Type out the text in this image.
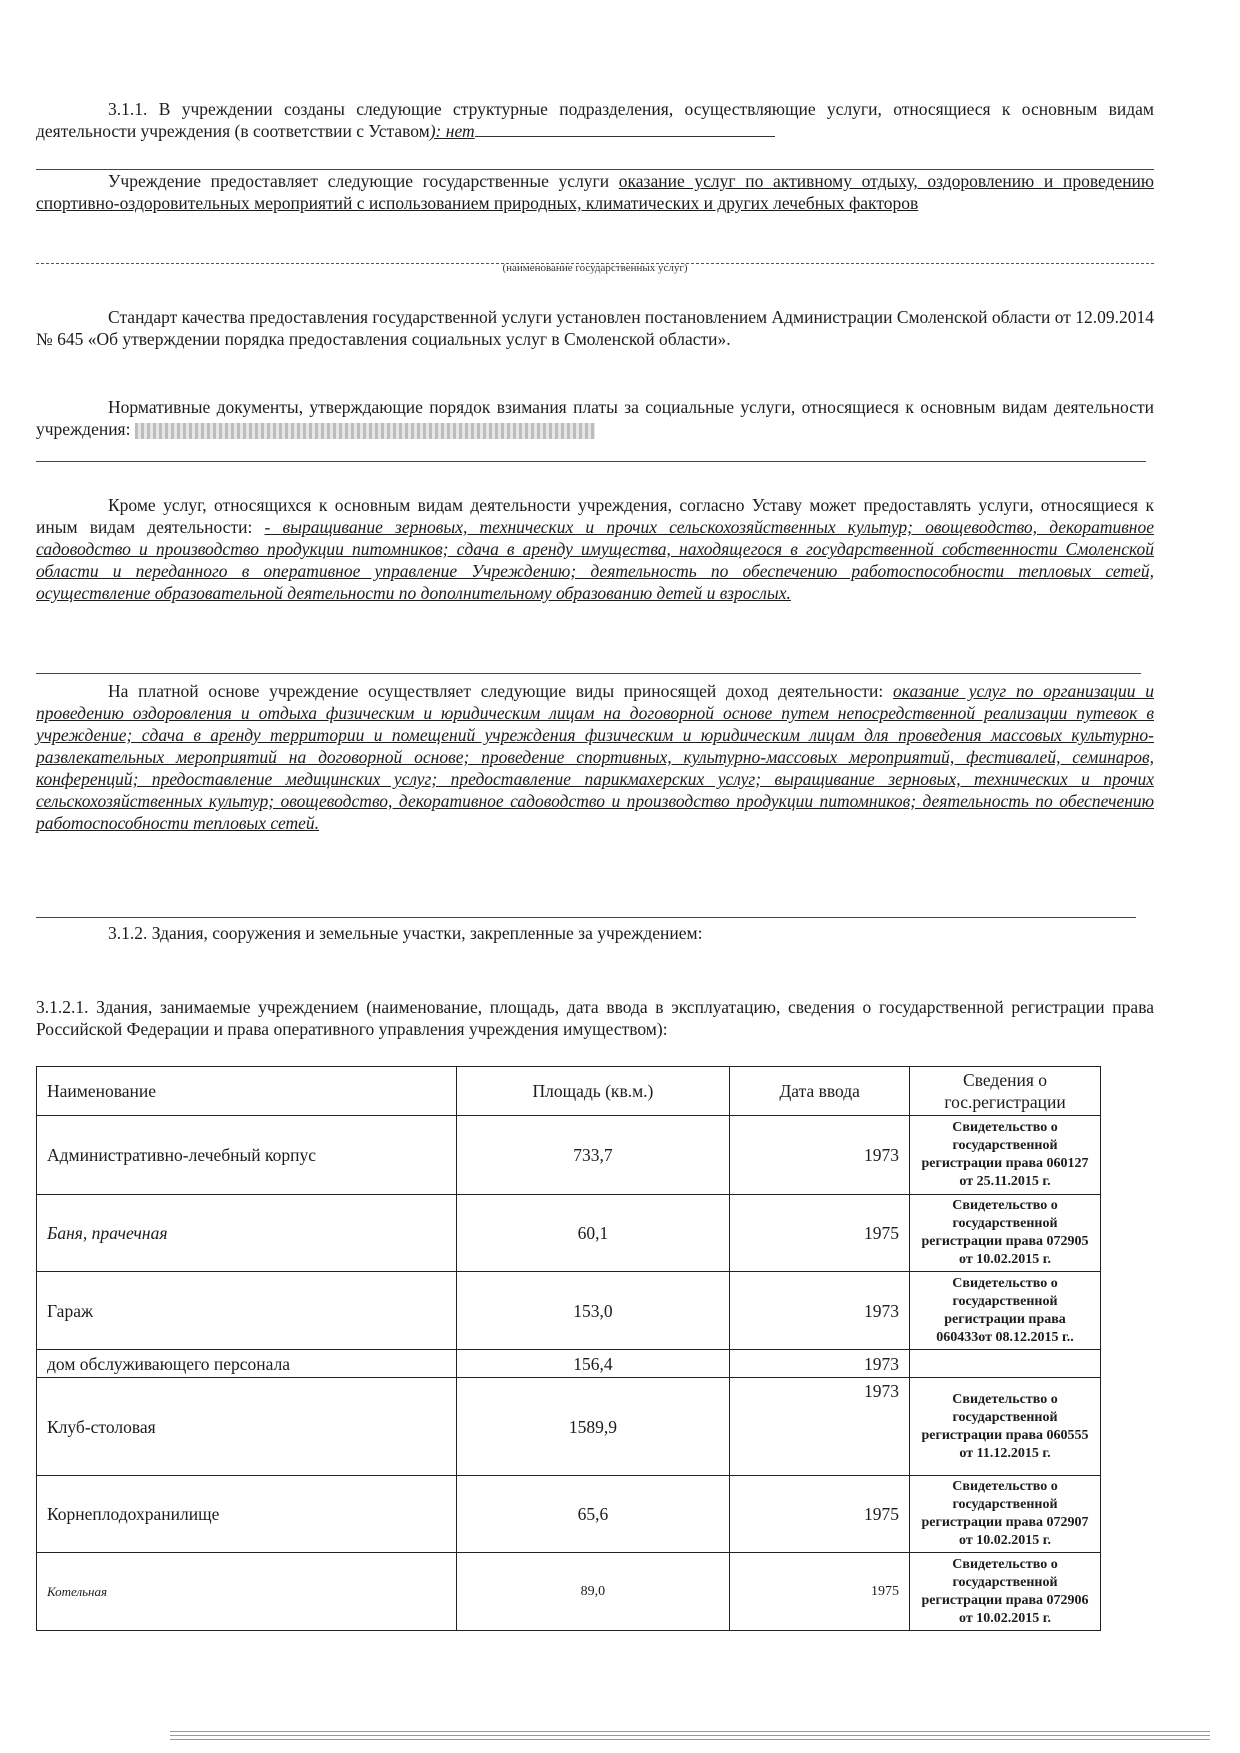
3.1.1. В учреждении созданы следующие структурные подразделения, осуществляющие услуги, относящиеся к основным видам деятельности учреждения (в соответствии с Уставом): нет

Учреждение предоставляет следующие государственные услуги оказание услуг по активному отдыху, оздоровлению и проведению спортивно-оздоровительных мероприятий с использованием природных, климатических и других лечебных факторов

(наименование государственных услуг)

Стандарт качества предоставления государственной услуги установлен постановлением Администрации Смоленской области от 12.09.2014 № 645 «Об утверждении порядка предоставления социальных услуг в Смоленской области».

Нормативные документы, утверждающие порядок взимания платы за социальные услуги, относящиеся к основным видам деятельности учреждения:

Кроме услуг, относящихся к основным видам деятельности учреждения, согласно Уставу может предоставлять услуги, относящиеся к иным видам деятельности: - выращивание зерновых, технических и прочих сельскохозяйственных культур; овощеводство, декоративное садоводство и производство продукции питомников; сдача в аренду имущества, находящегося в государственной собственности Смоленской области и переданного в оперативное управление Учреждению; деятельность по обеспечению работоспособности тепловых сетей, осуществление образовательной деятельности по дополнительному образованию детей и взрослых.

На платной основе учреждение осуществляет следующие виды приносящей доход деятельности: оказание услуг по организации и проведению оздоровления и отдыха физическим и юридическим лицам на договорной основе путем непосредственной реализации путевок в учреждение; сдача в аренду территории и помещений учреждения физическим и юридическим лицам для проведения массовых культурно-развлекательных мероприятий на договорной основе; проведение спортивных, культурно-массовых мероприятий, фестивалей, семинаров, конференций; предоставление медицинских услуг; предоставление парикмахерских услуг; выращивание зерновых, технических и прочих сельскохозяйственных культур; овощеводство, декоративное садоводство и производство продукции питомников; деятельность по обеспечению работоспособности тепловых сетей.

3.1.2. Здания, сооружения и земельные участки, закрепленные за учреждением:

3.1.2.1. Здания, занимаемые учреждением (наименование, площадь, дата ввода в эксплуатацию, сведения о государственной регистрации права Российской Федерации и права оперативного управления учреждения имуществом):

Наименование	Площадь (кв.м.)	Дата ввода	Сведения о гос.регистрации
Административно-лечебный корпус	733,7	1973	Свидетельство о государственной регистрации права 060127 от 25.11.2015 г.
Баня, прачечная	60,1	1975	Свидетельство о государственной регистрации права 072905 от 10.02.2015 г.
Гараж	153,0	1973	Свидетельство о государственной регистрации права 060433от 08.12.2015 г..
дом обслуживающего персонала	156,4	1973	
Клуб-столовая	1589,9	1973	Свидетельство о государственной регистрации права 060555 от 11.12.2015 г.
Корнеплодохранилище	65,6	1975	Свидетельство о государственной регистрации права 072907 от 10.02.2015 г.
Котельная	89,0	1975	Свидетельство о государственной регистрации права 072906 от 10.02.2015 г.
